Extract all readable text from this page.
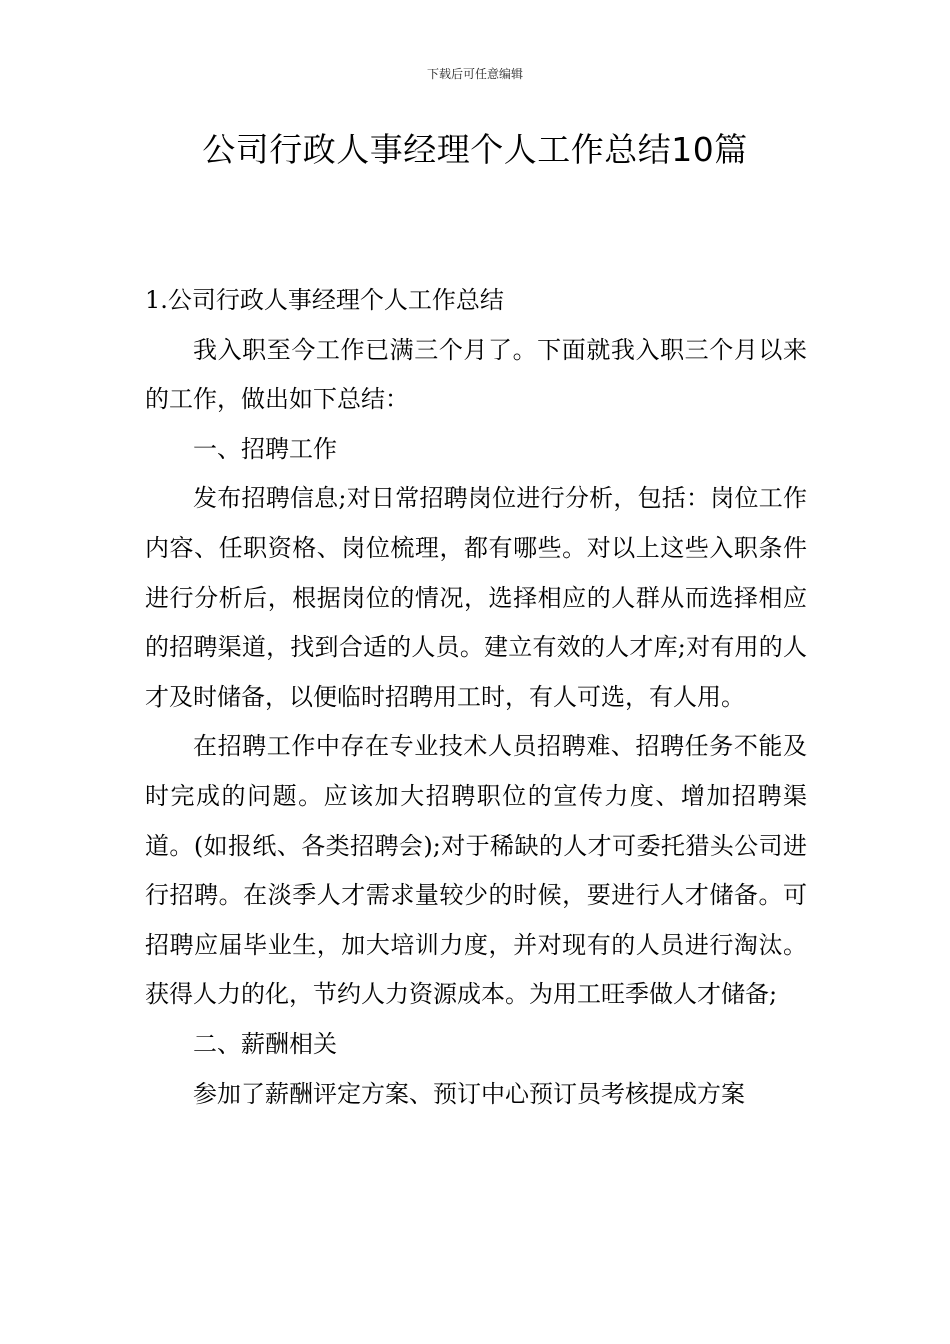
下载后可任意编辑
公司行政人事经理个人工作总结10篇

1.公司行政人事经理个人工作总结

我入职至今工作已满三个月了。下面就我入职三个月以来的工作，做出如下总结：

一、招聘工作

发布招聘信息;对日常招聘岗位进行分析，包括：岗位工作内容、任职资格、岗位梳理，都有哪些。对以上这些入职条件进行分析后，根据岗位的情况，选择相应的人群从而选择相应的招聘渠道，找到合适的人员。建立有效的人才库;对有用的人才及时储备，以便临时招聘用工时，有人可选，有人用。

在招聘工作中存在专业技术人员招聘难、招聘任务不能及时完成的问题。应该加大招聘职位的宣传力度、增加招聘渠道。(如报纸、各类招聘会);对于稀缺的人才可委托猎头公司进行招聘。在淡季人才需求量较少的时候，要进行人才储备。可招聘应届毕业生，加大培训力度，并对现有的人员进行淘汰。获得人力的化，节约人力资源成本。为用工旺季做人才储备;

二、薪酬相关

参加了薪酬评定方案、预订中心预订员考核提成方案
